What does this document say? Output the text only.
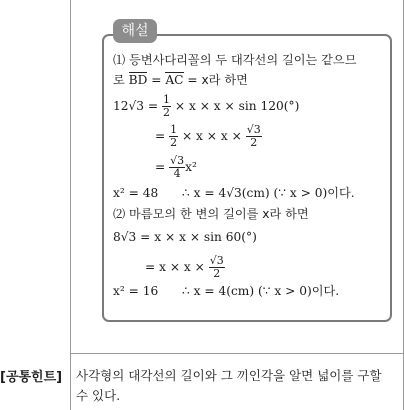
해설
⑴ 등변사다리꼴의 두 대각선의 길이는 같으므
로 BD = AC = x라 하면
$12√3 = \frac{1}{2} \times x \times x \times \sin 120(^\circ)$
= $\frac{1}{2} \times x \times x \times \frac{√3}{2}$
= $\frac{√3}{4} x^2$
x² = 48 ∴ x = 4√3(cm) (∵ x > 0)이다.
⑵ 마름모의 한 변의 길이를 x라 하면
8√3 = x × x × sin 60(°)
= $x \times x \times \frac{√3}{2}$
x² = 16 ∴ x = 4(cm) (∵ x > 0)이다.
[공통힌트] 사각형의 대각선의 길이와 그 끼인각을 알면 넓이를 구할
수 있다.
